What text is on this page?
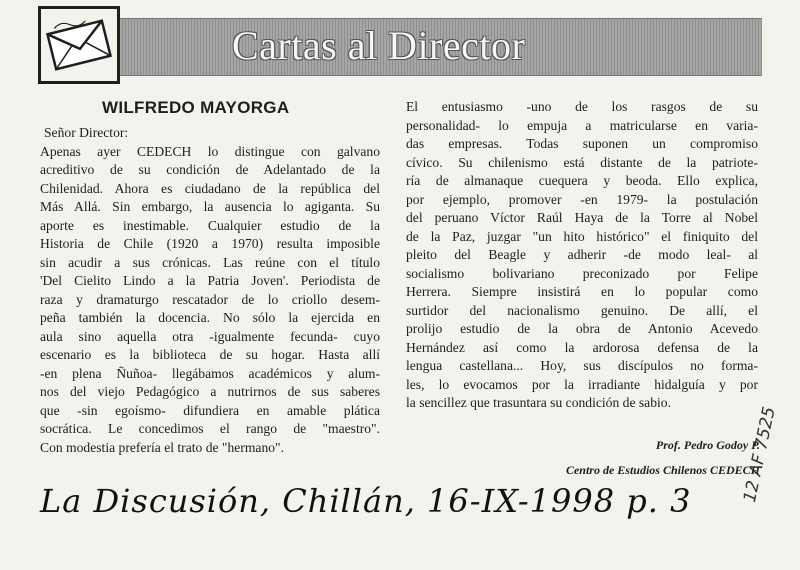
Cartas al Director
WILFREDO MAYORGA
Señor Director:
Apenas ayer CEDECH lo distingue con galvano
acreditivo de su condición de Adelantado de la
Chilenidad. Ahora es ciudadano de la república del
Más Allá. Sin embargo, la ausencia lo agiganta. Su
aporte es inestimable. Cualquier estudio de la
Historia de Chile (1920 a 1970) resulta imposible
sin acudir a sus crónicas. Las reúne con el título
'Del Cielito Lindo a la Patria Joven'. Periodista de
raza y dramaturgo rescatador de lo criollo desem-
peña también la docencia. No sólo la ejercida en
aula sino aquella otra -igualmente fecunda- cuyo
escenario es la biblioteca de su hogar. Hasta allí
-en plena Ñuñoa- llegábamos académicos y alum-
nos del viejo Pedagógico a nutrirnos de sus saberes
que -sin egoísmo- difundiera en amable plática
socrática. Le concedimos el rango de "maestro".
Con modestia prefería el trato de "hermano".
El entusiasmo -uno de los rasgos de su
personalidad- lo empuja a matricularse en varia-
das empresas. Todas suponen un compromiso
cívico. Su chilenismo está distante de la patriote-
ría de almanaque cuequera y beoda. Ello explica,
por ejemplo, promover -en 1979- la postulación
del peruano Víctor Raúl Haya de la Torre al Nobel
de la Paz, juzgar "un hito histórico" el finiquito del
pleito del Beagle y adherir -de modo leal- al
socialismo bolivariano preconizado por Felipe
Herrera. Siempre insistirá en lo popular como
surtidor del nacionalismo genuino. De allí, el
prolijo estudio de la obra de Antonio Acevedo
Hernández así como la ardorosa defensa de la
lengua castellana... Hoy, sus discípulos no forma-
les, lo evocamos por la irradiante hidalguía y por
la sencillez que trasuntara su condición de sabio.
Prof. Pedro Godoy P.
Centro de Estudios Chilenos CEDECH
La Discusión, Chillán, 16-IX-1998 p. 3	12 AF 7525
